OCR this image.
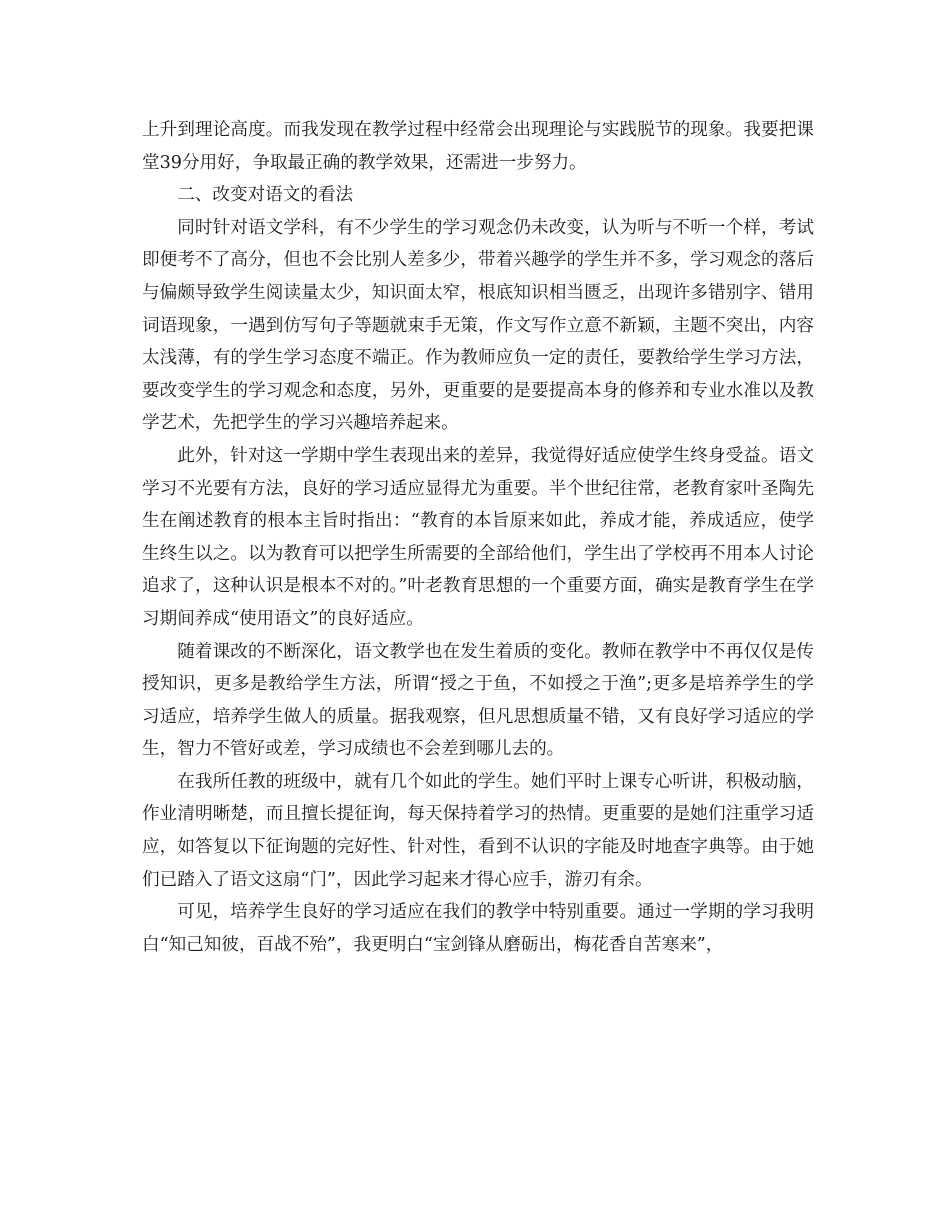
上升到理论高度。而我发现在教学过程中经常会出现理论与实践脱节的现象。我要把课堂39分用好，争取最正确的教学效果，还需进一步努力。

二、改变对语文的看法

同时针对语文学科，有不少学生的学习观念仍未改变，认为听与不听一个样，考试即便考不了高分，但也不会比别人差多少，带着兴趣学的学生并不多，学习观念的落后与偏颇导致学生阅读量太少，知识面太窄，根底知识相当匮乏，出现许多错别字、错用词语现象，一遇到仿写句子等题就束手无策，作文写作立意不新颖，主题不突出，内容太浅薄，有的学生学习态度不端正。作为教师应负一定的责任，要教给学生学习方法，要改变学生的学习观念和态度，另外，更重要的是要提高本身的修养和专业水准以及教学艺术，先把学生的学习兴趣培养起来。

此外，针对这一学期中学生表现出来的差异，我觉得好适应使学生终身受益。语文学习不光要有方法，良好的学习适应显得尤为重要。半个世纪往常，老教育家叶圣陶先生在阐述教育的根本主旨时指出：“教育的本旨原来如此，养成才能，养成适应，使学生终生以之。以为教育可以把学生所需要的全部给他们，学生出了学校再不用本人讨论追求了，这种认识是根本不对的。”叶老教育思想的一个重要方面，确实是教育学生在学习期间养成“使用语文”的良好适应。

随着课改的不断深化，语文教学也在发生着质的变化。教师在教学中不再仅仅是传授知识，更多是教给学生方法，所谓“授之于鱼，不如授之于渔”;更多是培养学生的学习适应，培养学生做人的质量。据我观察，但凡思想质量不错，又有良好学习适应的学生，智力不管好或差，学习成绩也不会差到哪儿去的。

在我所任教的班级中，就有几个如此的学生。她们平时上课专心听讲，积极动脑，作业清明晰楚，而且擅长提征询，每天保持着学习的热情。更重要的是她们注重学习适应，如答复以下征询题的完好性、针对性，看到不认识的字能及时地查字典等。由于她们已踏入了语文这扇“门”，因此学习起来才得心应手，游刃有余。

可见，培养学生良好的学习适应在我们的教学中特别重要。通过一学期的学习我明白“知己知彼，百战不殆”，我更明白“宝剑锋从磨砺出，梅花香自苦寒来”，
